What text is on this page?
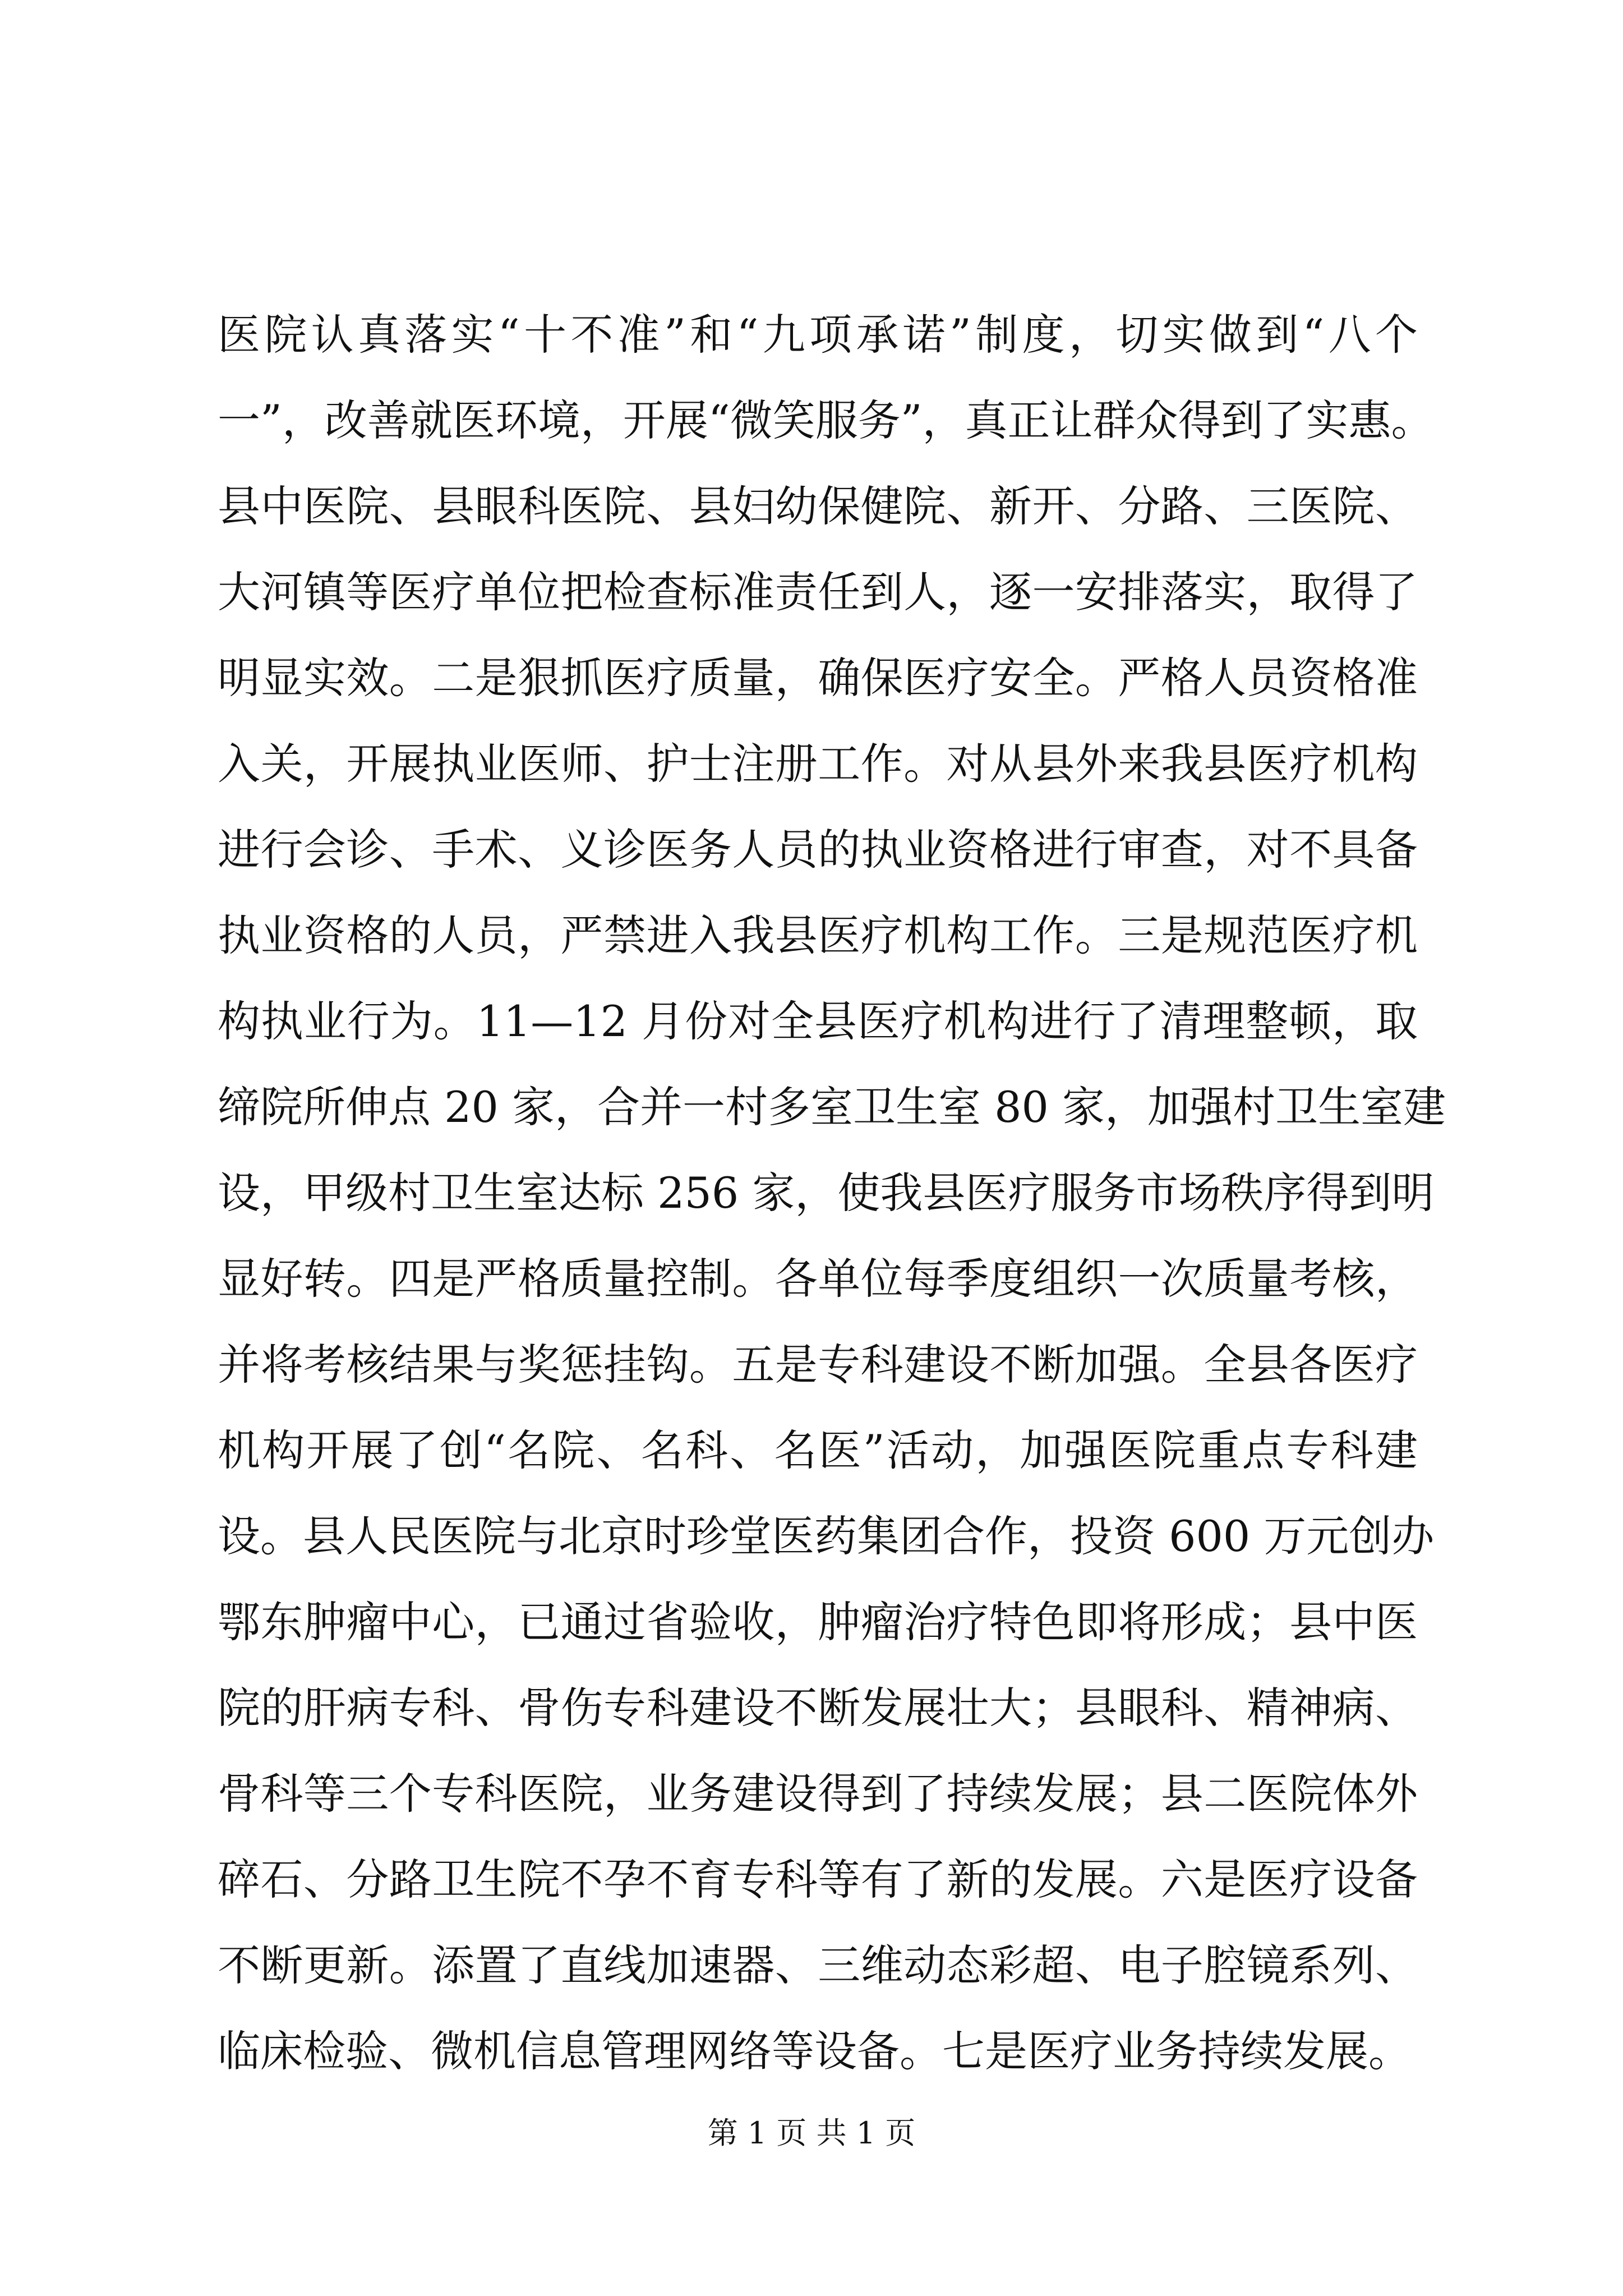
医院认真落实“十不准”和“九项承诺”制度，切实做到“八个
一”，改善就医环境，开展“微笑服务”，真正让群众得到了实惠。
县中医院、县眼科医院、县妇幼保健院、新开、分路、三医院、
大河镇等医疗单位把检查标准责任到人，逐一安排落实，取得了
明显实效。二是狠抓医疗质量，确保医疗安全。严格人员资格准
入关，开展执业医师、护士注册工作。对从县外来我县医疗机构
进行会诊、手术、义诊医务人员的执业资格进行审查，对不具备
执业资格的人员，严禁进入我县医疗机构工作。三是规范医疗机
构执业行为。11—12 月份对全县医疗机构进行了清理整顿，取
缔院所伸点 20 家，合并一村多室卫生室 80 家，加强村卫生室建
设，甲级村卫生室达标 256 家，使我县医疗服务市场秩序得到明
显好转。四是严格质量控制。各单位每季度组织一次质量考核，
并将考核结果与奖惩挂钩。五是专科建设不断加强。全县各医疗
机构开展了创“名院、名科、名医”活动，加强医院重点专科建
设。县人民医院与北京时珍堂医药集团合作，投资 600 万元创办
鄂东肿瘤中心，已通过省验收，肿瘤治疗特色即将形成；县中医
院的肝病专科、骨伤专科建设不断发展壮大；县眼科、精神病、
骨科等三个专科医院，业务建设得到了持续发展；县二医院体外
碎石、分路卫生院不孕不育专科等有了新的发展。六是医疗设备
不断更新。添置了直线加速器、三维动态彩超、电子腔镜系列、
临床检验、微机信息管理网络等设备。七是医疗业务持续发展。
第 1 页 共 1 页
